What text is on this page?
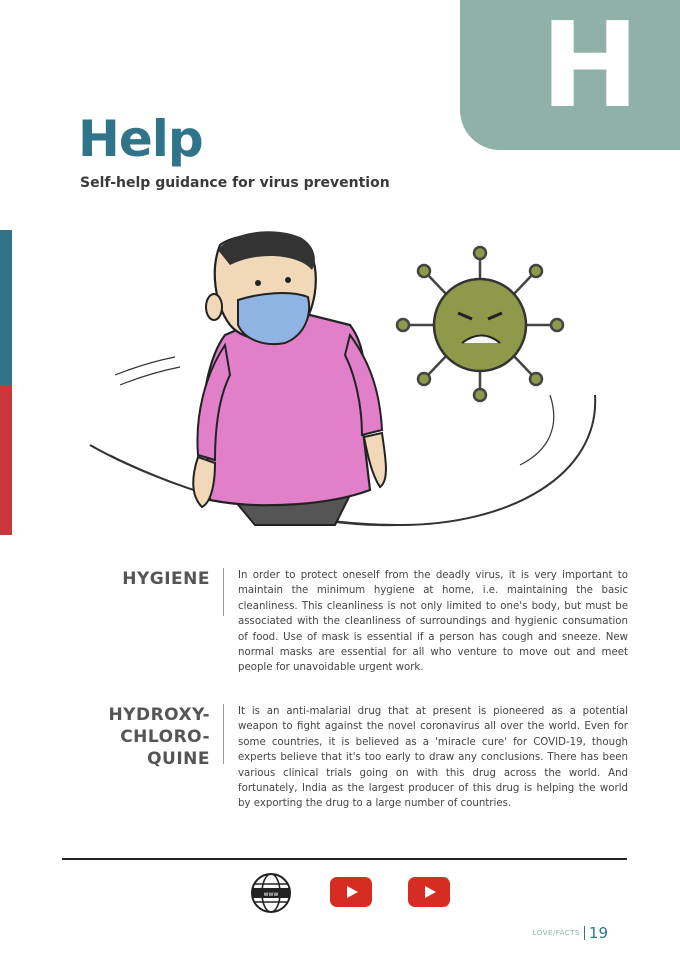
H
Help
Self-help guidance for virus prevention
HYGIENE	In order to protect oneself from the deadly virus, it is very important to maintain the minimum hygiene at home, i.e. maintaining the basic cleanliness. This cleanliness is not only limited to one's body, but must be associated with the cleanliness of surroundings and hygienic consumation of food. Use of mask is essential if a person has cough and sneeze. New normal masks are essential for all who venture to move out and meet people for unavoidable urgent work.

HYDROXY-
CHLORO-
QUINE

It is an anti-malarial drug that at present is pioneered as a potential weapon to fight against the novel coronavirus all over the world. Even for some countries, it is believed as a 'miracle cure' for COVID-19, though experts believe that it's too early to draw any conclusions. There has been various clinical trials going on with this drug across the world. And fortunately, India as the largest producer of this drug is helping the world by exporting the drug to a large number of countries.

www
LOVE/FACTS 19
